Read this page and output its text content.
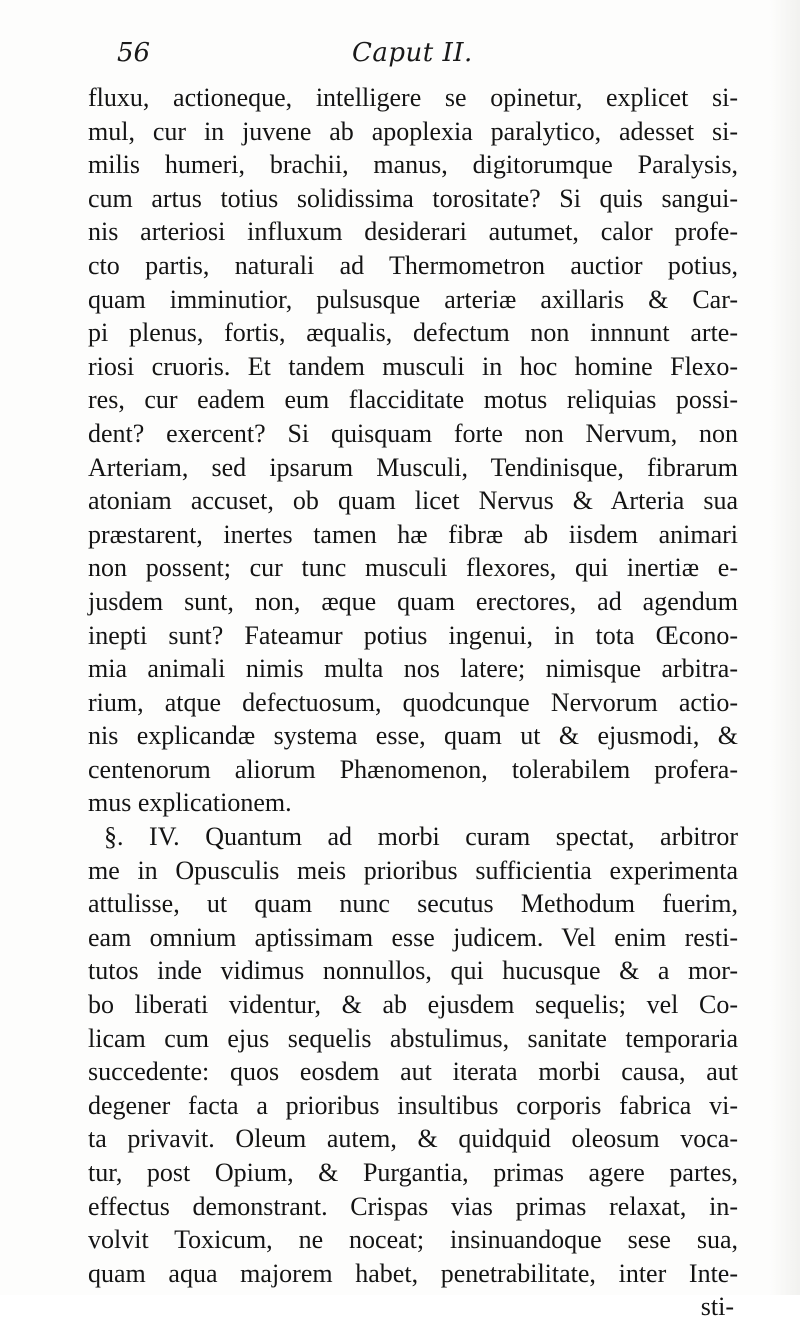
56	Caput II.
fluxu, actioneque, intelligere se opinetur, explicet si-
mul, cur in juvene ab apoplexia paralytico, adesset si-
milis humeri, brachii, manus, digitorumque Paralysis,
cum artus totius solidissima torositate? Si quis sangui-
nis arteriosi influxum desiderari autumet, calor profe-
cto partis, naturali ad Thermometron auctior potius,
quam imminutior, pulsusque arteriæ axillaris & Car-
pi plenus, fortis, æqualis, defectum non innnunt arte-
riosi cruoris. Et tandem musculi in hoc homine Flexo-
res, cur eadem eum flacciditate motus reliquias possi-
dent? exercent? Si quisquam forte non Nervum, non
Arteriam, sed ipsarum Musculi, Tendinisque, fibrarum
atoniam accuset, ob quam licet Nervus & Arteria sua
præstarent, inertes tamen hæ fibræ ab iisdem animari
non possent; cur tunc musculi flexores, qui inertiæ e-
jusdem sunt, non, æque quam erectores, ad agendum
inepti sunt? Fateamur potius ingenui, in tota Œcono-
mia animali nimis multa nos latere; nimisque arbitra-
rium, atque defectuosum, quodcunque Nervorum actio-
nis explicandæ systema esse, quam ut & ejusmodi, &
centenorum aliorum Phænomenon, tolerabilem profera-
mus explicationem.
§. IV. Quantum ad morbi curam spectat, arbitror
me in Opusculis meis prioribus sufficientia experimenta
attulisse, ut quam nunc secutus Methodum fuerim,
eam omnium aptissimam esse judicem. Vel enim resti-
tutos inde vidimus nonnullos, qui hucusque & a mor-
bo liberati videntur, & ab ejusdem sequelis; vel Co-
licam cum ejus sequelis abstulimus, sanitate temporaria
succedente: quos eosdem aut iterata morbi causa, aut
degener facta a prioribus insultibus corporis fabrica vi-
ta privavit. Oleum autem, & quidquid oleosum voca-
tur, post Opium, & Purgantia, primas agere partes,
effectus demonstrant. Crispas vias primas relaxat, in-
volvit Toxicum, ne noceat; insinuandoque sese sua,
quam aqua majorem habet, penetrabilitate, inter Inte-
sti-
